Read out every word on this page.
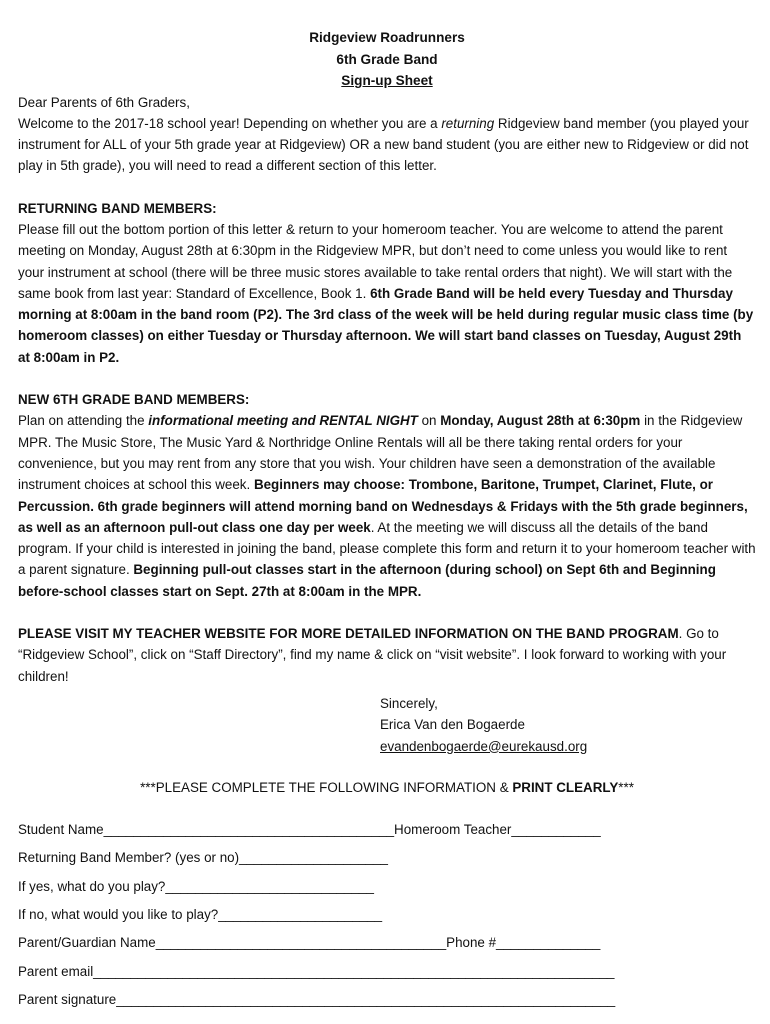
Ridgeview Roadrunners
6th Grade Band
Sign-up Sheet

Dear Parents of 6th Graders,

Welcome to the 2017-18 school year! Depending on whether you are a returning Ridgeview band member (you played your instrument for ALL of your 5th grade year at Ridgeview) OR a new band student (you are either new to Ridgeview or did not play in 5th grade), you will need to read a different section of this letter.

RETURNING BAND MEMBERS:

Please fill out the bottom portion of this letter & return to your homeroom teacher. You are welcome to attend the parent meeting on Monday, August 28th at 6:30pm in the Ridgeview MPR, but don’t need to come unless you would like to rent your instrument at school (there will be three music stores available to take rental orders that night). We will start with the same book from last year: Standard of Excellence, Book 1. 6th Grade Band will be held every Tuesday and Thursday morning at 8:00am in the band room (P2). The 3rd class of the week will be held during regular music class time (by homeroom classes) on either Tuesday or Thursday afternoon. We will start band classes on Tuesday, August 29th at 8:00am in P2.

NEW 6TH GRADE BAND MEMBERS:

Plan on attending the informational meeting and RENTAL NIGHT on Monday, August 28th at 6:30pm in the Ridgeview MPR. The Music Store, The Music Yard & Northridge Online Rentals will all be there taking rental orders for your convenience, but you may rent from any store that you wish. Your children have seen a demonstration of the available instrument choices at school this week. Beginners may choose: Trombone, Baritone, Trumpet, Clarinet, Flute, or Percussion. 6th grade beginners will attend morning band on Wednesdays & Fridays with the 5th grade beginners, as well as an afternoon pull-out class one day per week. At the meeting we will discuss all the details of the band program. If your child is interested in joining the band, please complete this form and return it to your homeroom teacher with a parent signature. Beginning pull-out classes start in the afternoon (during school) on Sept 6th and Beginning before-school classes start on Sept. 27th at 8:00am in the MPR.

PLEASE VISIT MY TEACHER WEBSITE FOR MORE DETAILED INFORMATION ON THE BAND PROGRAM. Go to “Ridgeview School”, click on “Staff Directory”, find my name & click on “visit website”. I look forward to working with your children!

Sincerely,

Erica Van den Bogaerde

evandenbogaerde@eurekausd.org

***PLEASE COMPLETE THE FOLLOWING INFORMATION & PRINT CLEARLY***

Student Name_______________________________________Homeroom Teacher____________

Returning Band Member? (yes or no)____________________

If yes, what do you play?____________________________

If no, what would you like to play?______________________

Parent/Guardian Name_______________________________________Phone #______________

Parent email______________________________________________________________________

Parent signature___________________________________________________________________
